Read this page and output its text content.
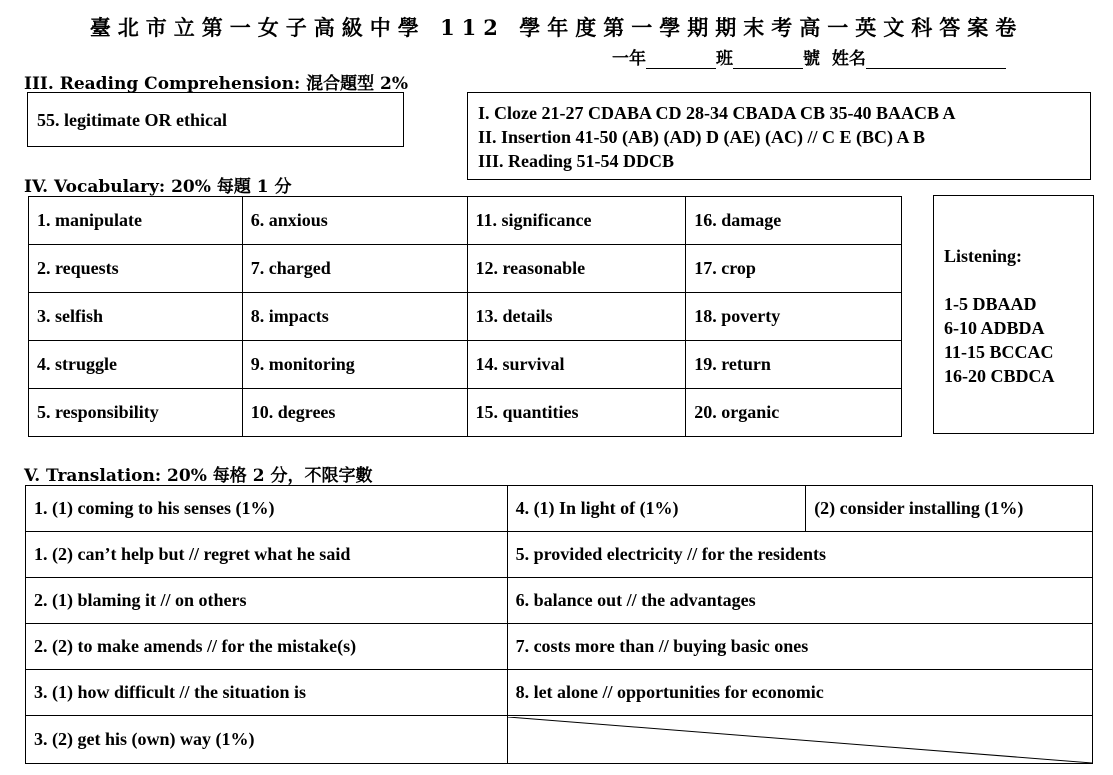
臺北市立第一女子高級中學 112 學年度第一學期期末考高一英文科答案卷
一年	班	號 姓名
III. Reading Comprehension: 混合題型 2%
55. legitimate OR ethical	I. Cloze 21-27 CDABA CD 28-34 CBADA CB 35-40 BAACB A
II. Insertion 41-50 (AB) (AD) D (AE) (AC) // C E (BC) A B
III. Reading 51-54 DDCB
IV. Vocabulary: 20% 每題 1 分
1. manipulate	6. anxious	11. significance	16. damage
2. requests	7. charged	12. reasonable	17. crop
3. selfish	8. impacts	13. details	18. poverty
4. struggle	9. monitoring	14. survival	19. return
5. responsibility	10. degrees	15. quantities	20. organic
Listening:
1-5 DBAAD
6-10 ADBDA
11-15 BCCAC
16-20 CBDCA
V. Translation: 20% 每格 2 分，不限字數
1. (1) coming to his senses (1%)	4. (1) In light of (1%)	(2) consider installing (1%)
1. (2) can’t help but // regret what he said	5. provided electricity // for the residents	
2. (1) blaming it // on others	6. balance out // the advantages	
2. (2) to make amends // for the mistake(s)	7. costs more than // buying basic ones	
3. (1) how difficult // the situation is	8. let alone // opportunities for economic	
3. (2) get his (own) way (1%)	
